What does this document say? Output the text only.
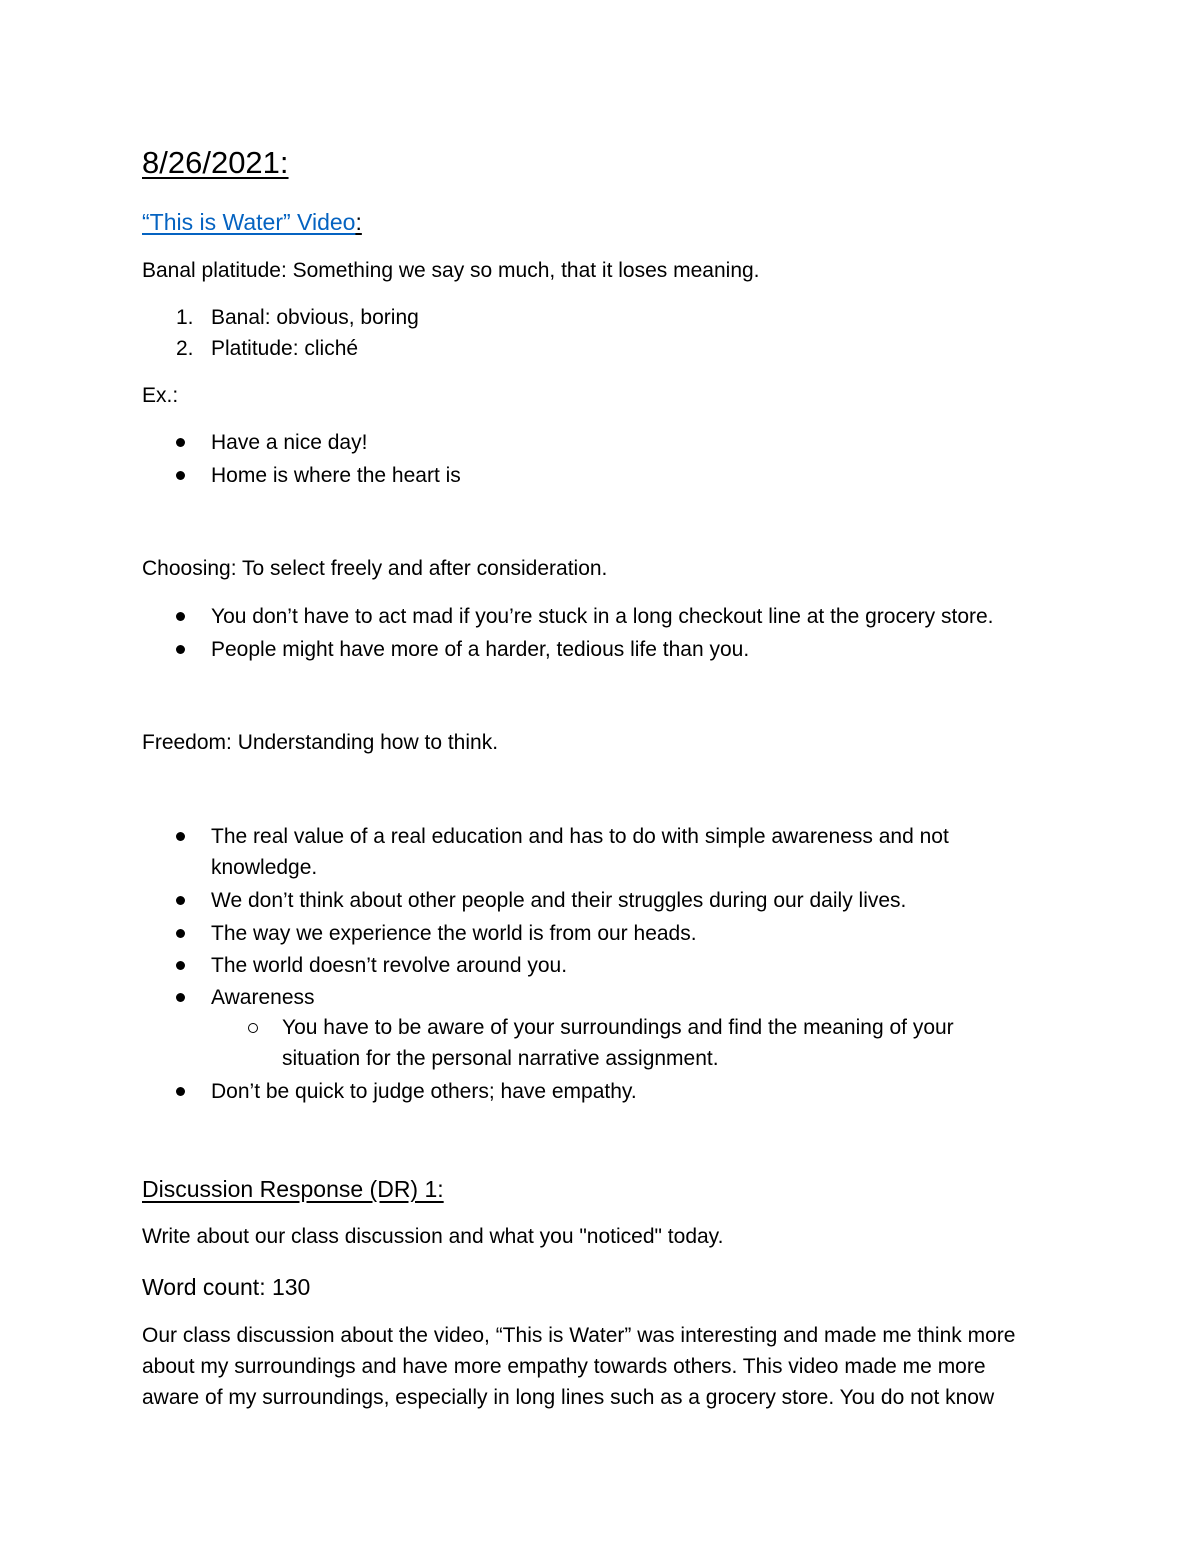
8/26/2021:
“This is Water” Video:
Banal platitude: Something we say so much, that it loses meaning.
1. Banal: obvious, boring
2. Platitude: cliché
Ex.:
Have a nice day!
Home is where the heart is
Choosing: To select freely and after consideration.
You don’t have to act mad if you’re stuck in a long checkout line at the grocery store.
People might have more of a harder, tedious life than you.
Freedom: Understanding how to think.
The real value of a real education and has to do with simple awareness and not
knowledge.
We don’t think about other people and their struggles during our daily lives.
The way we experience the world is from our heads.
The world doesn’t revolve around you.
Awareness
You have to be aware of your surroundings and find the meaning of your
situation for the personal narrative assignment.
Don’t be quick to judge others; have empathy.
Discussion Response (DR) 1:
Write about our class discussion and what you "noticed" today.
Word count: 130
Our class discussion about the video, “This is Water” was interesting and made me think more
about my surroundings and have more empathy towards others. This video made me more
aware of my surroundings, especially in long lines such as a grocery store. You do not know
